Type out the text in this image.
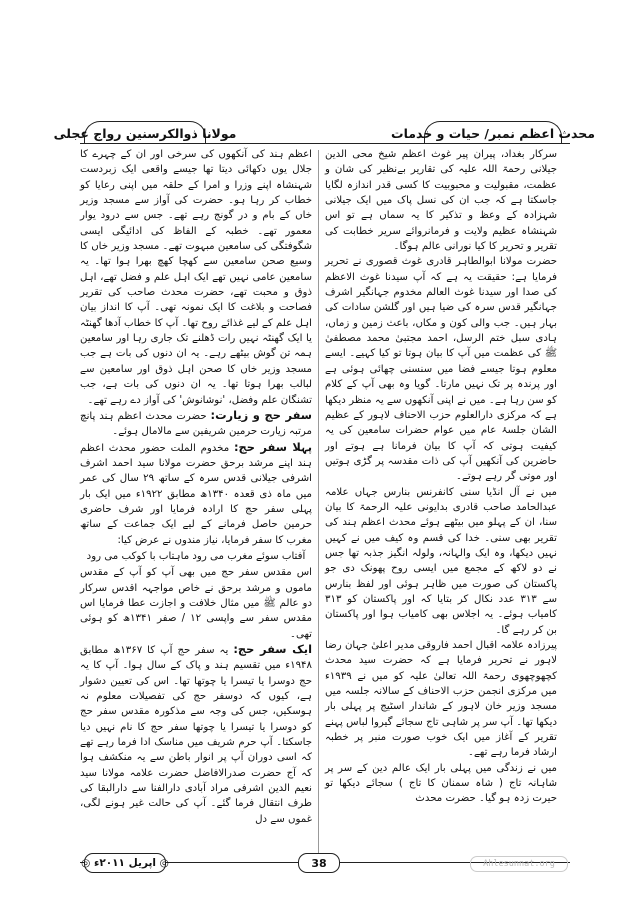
محدث اعظم نمبر/ حیات و خدمات
مولانا ذوالکرسنین رواج عجلی

سرکار بغداد، پیران پیر غوث اعظم شیخ محی الدین جیلانی رحمۃ اللہ علیہ کی تقاریر بےنظیر کی شان و عظمت، مقبولیت و محبوبیت کا کسی قدر اندازہ لگایا جاسکتا ہے کہ جب ان کی نسل پاک میں ایک جیلانی شہزادہ کے وعظ و تذکیر کا یہ سماں ہے تو اس شہنشاہ عظیم ولایت و فرمانروائے سریر خطابت کی تقریر و تحریر کا کیا نورانی عالم ہوگا۔

حضرت مولانا ابوالطاہر قادری غوث قصوری نے تحریر فرمایا ہے: حقیقت یہ ہے کہ آپ سیدنا غوث الاعظم کی صدا اور سیدنا غوث العالم مخدوم جہانگیر اشرف جہانگیر قدس سرہ کی ضیا ہیں اور گلشن سادات کی بہار ہیں۔ جب والی کون و مکاں، باعث زمین و زماں، ہادی سبل ختم الرسل، احمد مجتبیٰ محمد مصطفیٰ ﷺ کی عظمت میں آپ کا بیان ہوتا تو کیا کہیے۔ ایسے معلوم ہوتا جیسے فضا میں سنسنی چھائی ہوئی ہے اور پرندہ پر تک نہیں مارتا۔ گویا وہ بھی آپ کے کلام کو سن رہا ہے۔ میں نے اپنی آنکھوں سے یہ منظر دیکھا ہے کہ مرکزی دارالعلوم حزب الاحناف لاہور کے عظیم الشان جلسۂ عام میں عوام حضرات سامعین کی یہ کیفیت ہوتی کہ آپ کا بیان فرمانا ہے ہوتے اور حاضرین کی آنکھیں آپ کی ذات مقدسہ پر گڑی ہوتیں اور موتی گر رہے ہوتے۔

میں نے آل انڈیا سنی کانفرنس بنارس جہاں علامہ عبدالحامد صاحب قادری بدایونی علیہ الرحمۃ کا بیان سنا، ان کے پہلو میں بیٹھے ہوئے محدث اعظم ہند کی تقریر بھی سنی۔ خدا کی قسم وہ کیف میں نے کہیں نہیں دیکھا، وہ ایک والہانہ، ولولہ انگیز جذبہ تھا جس نے دو لاکھ کے مجمع میں ایسی روح پھونک دی جو پاکستان کی صورت میں ظاہر ہوئی اور لفظ بنارس سے ۳۱۳ عدد نکال کر بتایا کہ اور پاکستان کو ۳۱۳ کامیاب ہوئے۔ یہ اجلاس بھی کامیاب ہوا اور پاکستان بن کر رہے گا۔

پیرزادہ علامہ اقبال احمد فاروقی مدیر اعلیٰ جہان رضا لاہور نے تحریر فرمایا ہے کہ حضرت سید محدث کچھوچھوی رحمۃ اللہ تعالیٰ علیہ کو میں نے ۱۹۳۹ء میں مرکزی انجمن حزب الاحناف کے سالانہ جلسہ میں مسجد وزیر خان لاہور کے شاندار اسٹیج پر پہلی بار دیکھا تھا۔ آپ سر پر شاہی تاج سجائے گیروا لباس پہنے تقریر کے آغاز میں ایک خوب صورت منبر پر خطبہ ارشاد فرما رہے تھے۔

میں نے زندگی میں پہلی بار ایک عالم دین کے سر پر شاہانہ تاج ( شاہ سمنان کا تاج ) سجائے دیکھا تو حیرت زدہ ہو گیا۔ حضرت محدث

اعظم ہند کی آنکھوں کی سرخی اور ان کے چہرے کا جلال یوں دکھائی دیتا تھا جیسے واقعی ایک زبردست شہنشاہ اپنے وزرا و امرا کے حلقہ میں اپنی رعایا کو خطاب کر رہا ہو۔ حضرت کی آواز سے مسجد وزیر خاں کے بام و در گونج رہے تھے۔ جس سے درود یوار معمور تھے۔ خطبہ کے الفاظ کی ادائیگی ایسی شگوفتگی کی سامعین مبہوت تھے۔ مسجد وزیر خاں کا وسیع صحن سامعین سے کھچا کھچ بھرا ہوا تھا۔ یہ سامعین عامی نہیں تھے ایک اہل علم و فضل تھے، اہل ذوق و محبت تھے، حضرت محدث صاحب کی تقریر فصاحت و بلاغت کا ایک نمونہ تھی۔ آپ کا انداز بیان اہل علم کے لیے غذائے روح تھا۔ آپ کا خطاب آدھا گھنٹہ یا ایک گھنٹہ نہیں رات ڈھلنے تک جاری رہا اور سامعین ہمہ تن گوش بیٹھے رہے۔ یہ ان دنوں کی بات ہے جب مسجد وزیر خاں کا صحن اہل ذوق اور سامعین سے لبالب بھرا ہوتا تھا۔ یہ ان دنوں کی بات ہے، جب تشنگان علم وفضل، 'نوشانوش' کی آواز دے رہے تھے۔

سفر حج و زیارت: حضرت محدث اعظم ہند پانچ مرتبہ زیارت حرمین شریفین سے مالامال ہوئے۔

پہلا سفر حج: مخدوم الملت حضور محدث اعظم ہند اپنے مرشد برحق حضرت مولانا سید احمد اشرف اشرفی جیلانی قدس سرہ کے ساتھ ۲۹ سال کی عمر میں ماہ ذی قعدہ ۱۳۴۰ھ مطابق ۱۹۲۲ء میں ایک بار پہلی سفر حج کا ارادہ فرمایا اور شرف حاضری حرمین حاصل فرمانے کے لیے ایک جماعت کے ساتھ مغرب کا سفر فرمایا، نیاز مندوں نے عرض کیا:

آفتاب سوئے مغرب می رود ماہتاب با کوکب می رود

اس مقدس سفر حج میں بھی آپ کو آپ کے مقدس ماموں و مرشد برحق نے خاص مواجہہ اقدس سرکار دو عالم ﷺ میں مثال خلافت و اجازت عطا فرمایا اس مقدس سفر سے واپسی ۱۲ / صفر ۱۳۴۱ھ کو ہوئی تھی۔

ایک سفر حج: یہ سفر حج آپ کا ۱۳۶۷ھ مطابق ۱۹۴۸ء میں تقسیم ہند و پاک کے سال ہوا۔ آپ کا یہ حج دوسرا یا تیسرا یا چوتھا تھا۔ اس کی تعیین دشوار ہے، کیوں کہ دوسفر حج کی تفصیلات معلوم نہ ہوسکیں، جس کی وجہ سے مذکورہ مقدس سفر حج کو دوسرا یا تیسرا یا چوتھا سفر حج کا نام نہیں دیا جاسکتا۔ آپ حرم شریف میں مناسک ادا فرما رہے تھے کہ اسی دوران آپ پر انوار باطن سے یہ منکشف ہوا کہ آج حضرت صدرالافاضل حضرت علامہ مولانا سید نعیم الدین اشرفی مراد آبادی دارالفنا سے دارالبقا کی طرف انتقال فرما گئے۔ آپ کی حالت غیر ہونے لگی، غموں سے دل

◎ اپریل ۲۰۱۱ء ◎	38	Ahlesunnat.org
